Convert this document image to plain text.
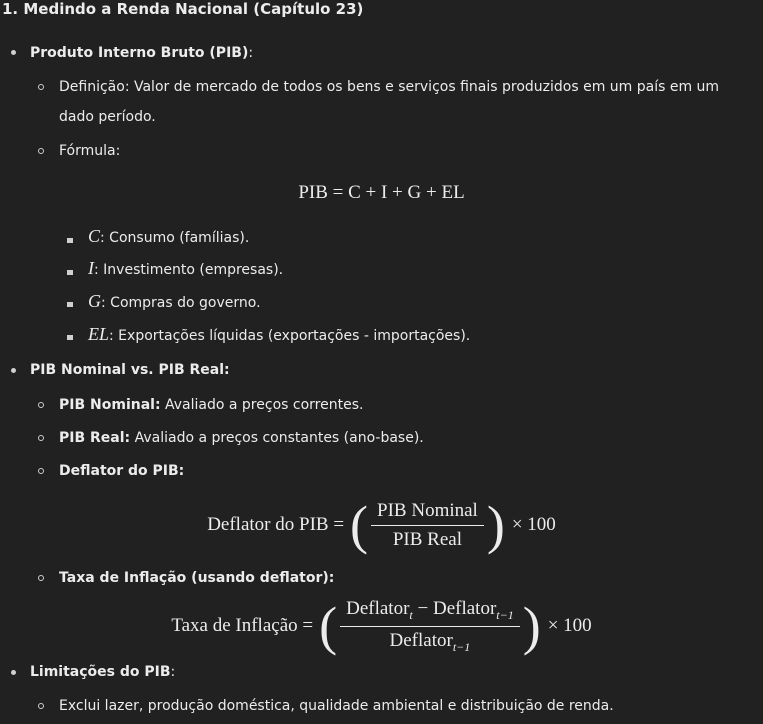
1. Medindo a Renda Nacional (Capítulo 23)
Produto Interno Bruto (PIB):
Definição: Valor de mercado de todos os bens e serviços finais produzidos em um país em um
dado período.
Fórmula:
PIB = C + I + G + EL
C: Consumo (famílias).
I: Investimento (empresas).
G: Compras do governo.
EL: Exportações líquidas (exportações - importações).
PIB Nominal vs. PIB Real:
PIB Nominal: Avaliado a preços correntes.
PIB Real: Avaliado a preços constantes (ano-base).
Deflator do PIB:
Deflator do PIB = ( $\frac{\text{PIB Nominal}}{\text{PIB Real}}$ ) × 100
Taxa de Inflação (usando deflator):
Taxa de Inflação = ( $\frac{Deflator_t - Deflator_{t-1}}{Deflator_{t-1}}$ ) × 100
Limitações do PIB:
Exclui lazer, produção doméstica, qualidade ambiental e distribuição de renda.
